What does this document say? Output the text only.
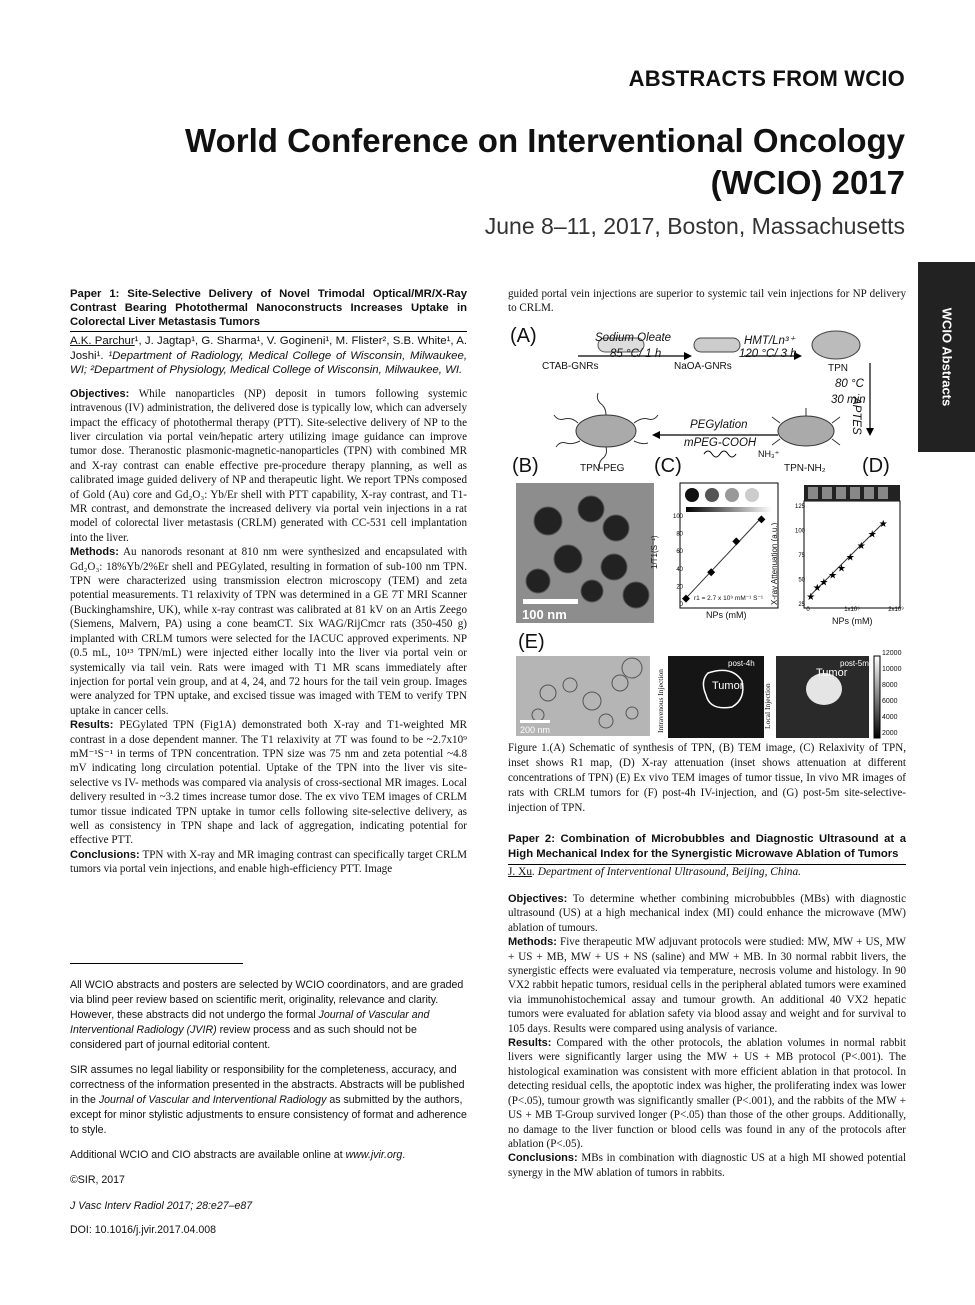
ABSTRACTS FROM WCIO
World Conference on Interventional Oncology
(WCIO) 2017
June 8–11, 2017, Boston, Massachusetts
WCIO Abstracts

Paper 1: Site-Selective Delivery of Novel Trimodal Optical/MR/X-Ray Contrast Bearing Photothermal Nanoconstructs Increases Uptake in Colorectal Liver Metastasis Tumors

A.K. Parchur¹, J. Jagtap¹, G. Sharma¹, V. Gogineni¹, M. Flister², S.B. White¹, A. Joshi¹. ¹Department of Radiology, Medical College of Wisconsin, Milwaukee, WI; ²Department of Physiology, Medical College of Wisconsin, Milwaukee, WI.

Objectives: While nanoparticles (NP) deposit in tumors following systemic intravenous (IV) administration, the delivered dose is typically low, which can adversely impact the efficacy of photothermal therapy (PTT). Site-selective delivery of NP to the liver circulation via portal vein/hepatic artery utilizing image guidance can improve tumor dose. Theranostic plasmonic-magnetic-nanoparticles (TPN) with combined MR and X-ray contrast can enable effective pre-procedure therapy planning, as well as calibrated image guided delivery of NP and therapeutic light. We report TPNs composed of Gold (Au) core and Gd₂O₃: Yb/Er shell with PTT capability, X-ray contrast, and T1-MR contrast, and demonstrate the increased delivery via portal vein injections in a rat model of colorectal liver metastasis (CRLM) generated with CC-531 cell implantation into the liver.

Methods: Au nanorods resonant at 810 nm were synthesized and encapsulated with Gd₂O₃: 18%Yb/2%Er shell and PEGylated, resulting in formation of sub-100 nm TPN. TPN were characterized using transmission electron microscopy (TEM) and zeta potential measurements. T1 relaxivity of TPN was determined in a GE 7T MRI Scanner (Buckinghamshire, UK), while x-ray contrast was calibrated at 81 kV on an Artis Zeego (Siemens, Malvern, PA) using a cone beamCT. Six WAG/RijCmcr rats (350-450 g) implanted with CRLM tumors were selected for the IACUC approved experiments. NP (0.5 mL, 10¹³ TPN/mL) were injected either locally into the liver via portal vein or systemically via tail vein. Rats were imaged with T1 MR scans immediately after injection for portal vein group, and at 4, 24, and 72 hours for the tail vein group. Images were analyzed for TPN uptake, and excised tissue was imaged with TEM to verify TPN uptake in cancer cells.

Results: PEGylated TPN (Fig1A) demonstrated both X-ray and T1-weighted MR contrast in a dose dependent manner. The T1 relaxivity at 7T was found to be ~2.7x10⁹ mM⁻¹S⁻¹ in terms of TPN concentration. TPN size was 75 nm and zeta potential ~4.8 mV indicating long circulation potential. Uptake of the TPN into the liver vis site-selective vs IV- methods was compared via analysis of cross-sectional MR images. Local delivery resulted in ~3.2 times increase tumor dose. The ex vivo TEM images of CRLM tumor tissue indicated TPN uptake in tumor cells following site-selective delivery, as well as consistency in TPN shape and lack of aggregation, indicating potential for effective PTT.

Conclusions: TPN with X-ray and MR imaging contrast can specifically target CRLM tumors via portal vein injections, and enable high-efficiency PTT. Image

All WCIO abstracts and posters are selected by WCIO coordinators, and are graded via blind peer review based on scientific merit, originality, relevance and clarity. However, these abstracts did not undergo the formal Journal of Vascular and Interventional Radiology (JVIR) review process and as such should not be considered part of journal editorial content.
SIR assumes no legal liability or responsibility for the completeness, accuracy, and correctness of the information presented in the abstracts. Abstracts will be published in the Journal of Vascular and Interventional Radiology as submitted by the authors, except for minor stylistic adjustments to ensure consistency of format and adherence to style.
Additional WCIO and CIO abstracts are available online at www.jvir.org.
©SIR, 2017
J Vasc Interv Radiol 2017; 28:e27–e87
DOI: 10.1016/j.jvir.2017.04.008

guided portal vein injections are superior to systemic tail vein injections for NP delivery to CRLM.

0
20
40
60
80
100
★
★
★
★
★
★
★
★
★
25
50
75
100
125
0	1x10⁹	2x10⁹
(A)	Sodium Oleate
85 °C/ 1 h
HMT/Ln³⁺
120 °C/ 3 h
CTAB-GNRs	NaOA-GNRs	TPN
80 °C
30 min
APTES
PEGylation
mPEG-COOH
NH₃⁺
(B)	TPN-PEG (C)	TPN-NH₂ (D)
100 nm
1/T1(S⁻¹)
NPs (mM)
r1 = 2.7 x 10⁹ mM⁻¹ S⁻¹ X-ray Attenuation (a.u.)
NPs (mM)
(E)
200 nm	Intravenous Injection
(F)
post-4h
Tumor	Local Injection
(G)
post-5m
Tumor
12000
10000
8000
6000
4000
2000
Figure 1.(A) Schematic of synthesis of TPN, (B) TEM image, (C) Relaxivity of TPN, inset shows R1 map, (D) X-ray attenuation (inset shows attenuation at different concentrations of TPN) (E) Ex vivo TEM images of tumor tissue, In vivo MR images of rats with CRLM tumors for (F) post-4h IV-injection, and (G) post-5m site-selective-injection of TPN.
Paper 2: Combination of Microbubbles and Diagnostic Ultrasound at a High Mechanical Index for the Synergistic Microwave Ablation of Tumors
J. Xu. Department of Interventional Ultrasound, Beijing, China.

Objectives: To determine whether combining microbubbles (MBs) with diagnostic ultrasound (US) at a high mechanical index (MI) could enhance the microwave (MW) ablation of tumours.

Methods: Five therapeutic MW adjuvant protocols were studied: MW, MW + US, MW + US + MB, MW + US + NS (saline) and MW + MB. In 30 normal rabbit livers, the synergistic effects were evaluated via temperature, necrosis volume and histology. In 90 VX2 rabbit hepatic tumors, residual cells in the peripheral ablated tumors were examined via immunohistochemical assay and tumour growth. An additional 40 VX2 hepatic tumors were evaluated for ablation safety via blood assay and weight and for survival to 105 days. Results were compared using analysis of variance.

Results: Compared with the other protocols, the ablation volumes in normal rabbit livers were significantly larger using the MW + US + MB protocol (P<.001). The histological examination was consistent with more efficient ablation in that protocol. In detecting residual cells, the apoptotic index was higher, the proliferating index was lower (P<.05), tumour growth was significantly smaller (P<.001), and the rabbits of the MW + US + MB T-Group survived longer (P<.05) than those of the other groups. Additionally, no damage to the liver function or blood cells was found in any of the protocols after ablation (P<.05).

Conclusions: MBs in combination with diagnostic US at a high MI showed potential synergy in the MW ablation of tumors in rabbits.
